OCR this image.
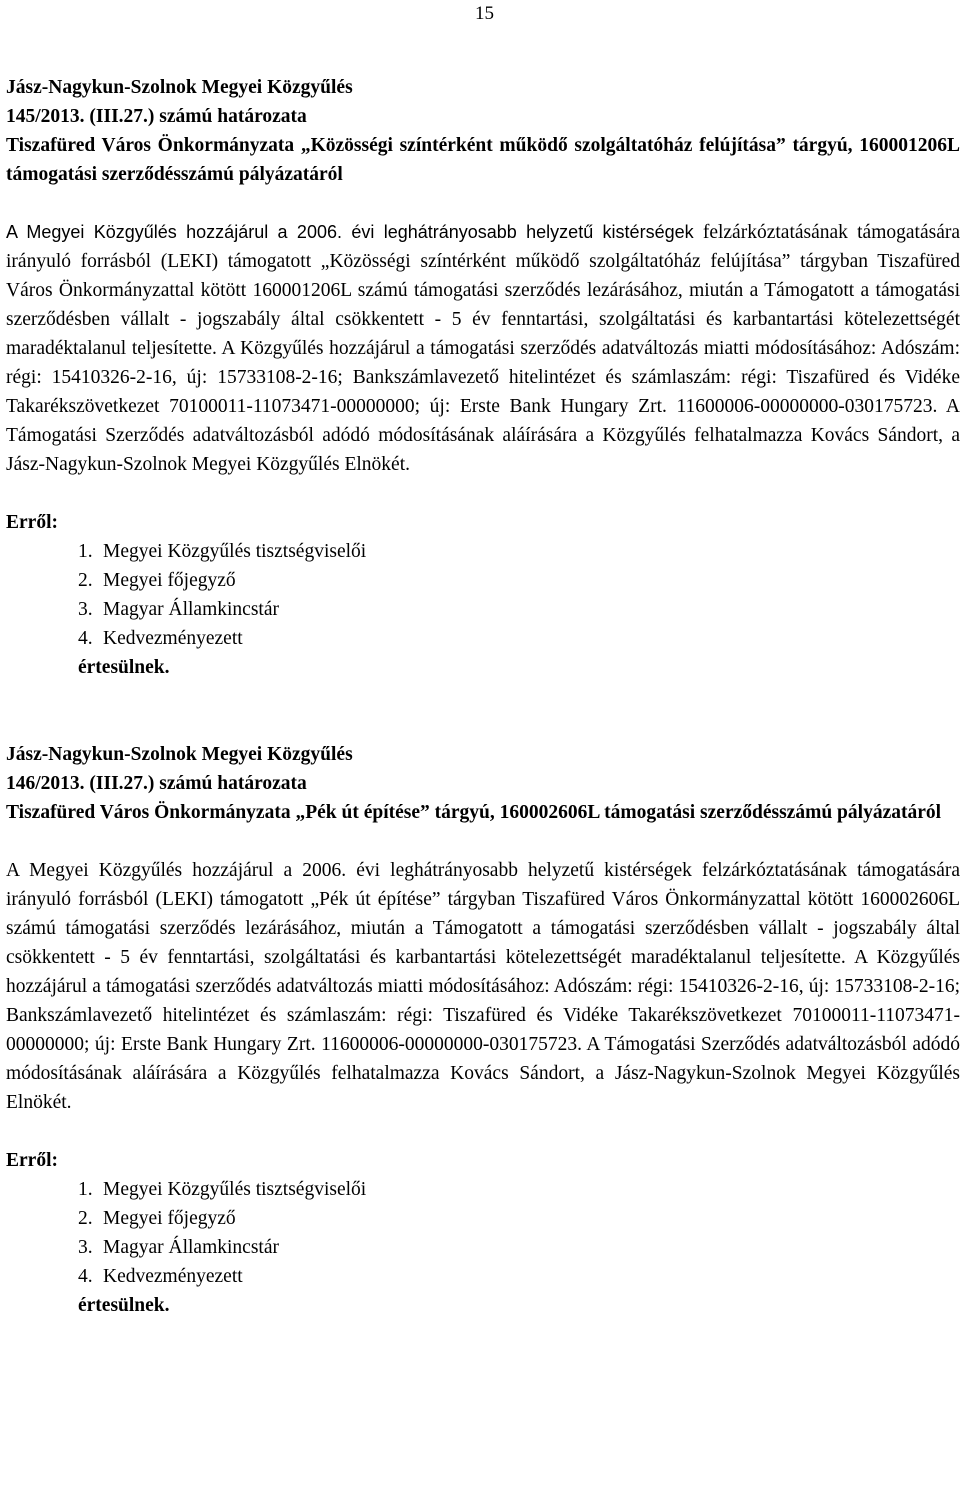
15

Jász-Nagykun-Szolnok Megyei Közgyűlés

145/2013. (III.27.) számú határozata

Tiszafüred Város Önkormányzata „Közösségi színtérként működő szolgáltatóház felújítása” tárgyú, 160001206L támogatási szerződésszámú pályázatáról

A Megyei Közgyűlés hozzájárul a 2006. évi leghátrányosabb helyzetű kistérségek felzárkóztatásának támogatására irányuló forrásból (LEKI) támogatott „Közösségi színtérként működő szolgáltatóház felújítása” tárgyban Tiszafüred Város Önkormányzattal kötött 160001206L számú támogatási szerződés lezárásához, miután a Támogatott a támogatási szerződésben vállalt - jogszabály által csökkentett - 5 év fenntartási, szolgáltatási és karbantartási kötelezettségét maradéktalanul teljesítette. A Közgyűlés hozzájárul a támogatási szerződés adatváltozás miatti módosításához: Adószám: régi: 15410326-2-16, új: 15733108-2-16; Bankszámlavezető hitelintézet és számlaszám: régi: Tiszafüred és Vidéke Takarékszövetkezet 70100011-11073471-00000000; új: Erste Bank Hungary Zrt. 11600006-00000000-030175723. A Támogatási Szerződés adatváltozásból adódó módosításának aláírására a Közgyűlés felhatalmazza Kovács Sándort, a Jász-Nagykun-Szolnok Megyei Közgyűlés Elnökét.

Erről:

1. Megyei Közgyűlés tisztségviselői
2. Megyei főjegyző
3. Magyar Államkincstár
4. Kedvezményezett

értesülnek.

Jász-Nagykun-Szolnok Megyei Közgyűlés

146/2013. (III.27.) számú határozata

Tiszafüred Város Önkormányzata „Pék út építése” tárgyú, 160002606L támogatási szerződésszámú pályázatáról

A Megyei Közgyűlés hozzájárul a 2006. évi leghátrányosabb helyzetű kistérségek felzárkóztatásának támogatására irányuló forrásból (LEKI) támogatott „Pék út építése” tárgyban Tiszafüred Város Önkormányzattal kötött 160002606L számú támogatási szerződés lezárásához, miután a Támogatott a támogatási szerződésben vállalt - jogszabály által csökkentett - 5 év fenntartási, szolgáltatási és karbantartási kötelezettségét maradéktalanul teljesítette. A Közgyűlés hozzájárul a támogatási szerződés adatváltozás miatti módosításához: Adószám: régi: 15410326-2-16, új: 15733108-2-16; Bankszámlavezető hitelintézet és számlaszám: régi: Tiszafüred és Vidéke Takarékszövetkezet 70100011-11073471-00000000; új: Erste Bank Hungary Zrt. 11600006-00000000-030175723. A Támogatási Szerződés adatváltozásból adódó módosításának aláírására a Közgyűlés felhatalmazza Kovács Sándort, a Jász-Nagykun-Szolnok Megyei Közgyűlés Elnökét.

Erről:

1. Megyei Közgyűlés tisztségviselői
2. Megyei főjegyző
3. Magyar Államkincstár
4. Kedvezményezett

értesülnek.
